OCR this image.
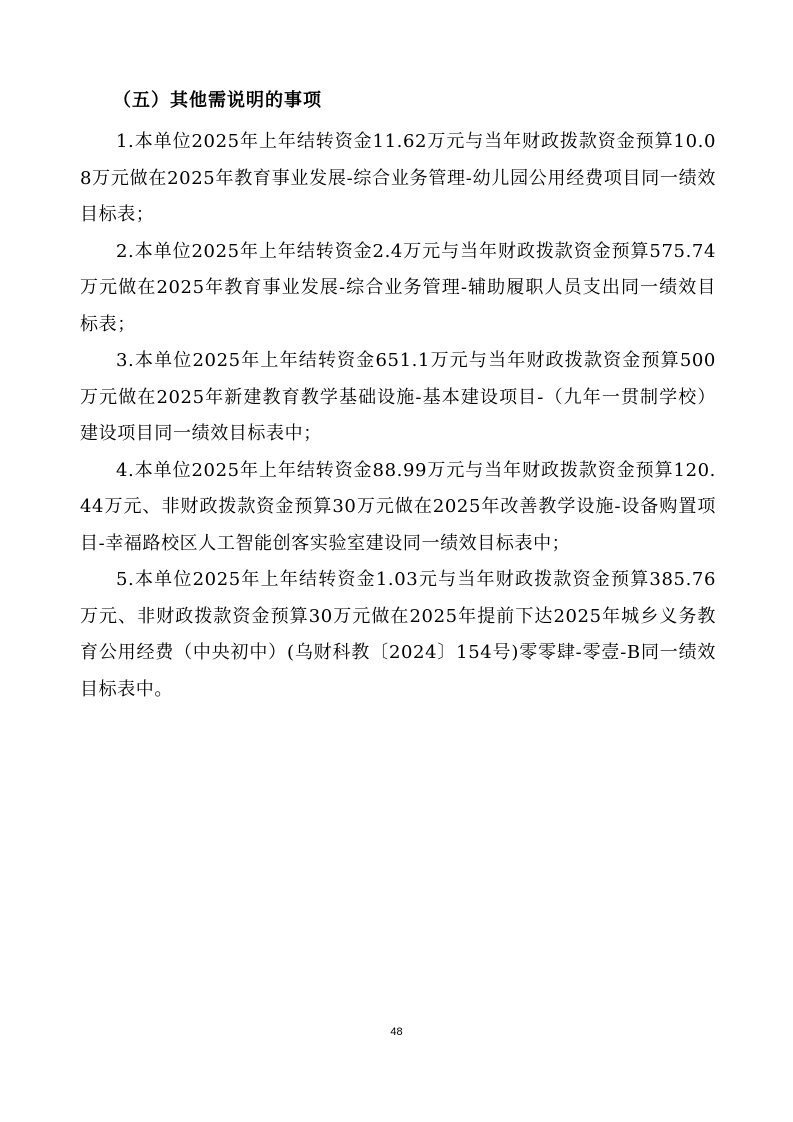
（五）其他需说明的事项

1.本单位2025年上年结转资金11.62万元与当年财政拨款资金预算10.08万元做在2025年教育事业发展-综合业务管理-幼儿园公用经费项目同一绩效目标表；

2.本单位2025年上年结转资金2.4万元与当年财政拨款资金预算575.74万元做在2025年教育事业发展-综合业务管理-辅助履职人员支出同一绩效目标表；

3.本单位2025年上年结转资金651.1万元与当年财政拨款资金预算500万元做在2025年新建教育教学基础设施-基本建设项目-（九年一贯制学校）建设项目同一绩效目标表中；

4.本单位2025年上年结转资金88.99万元与当年财政拨款资金预算120.44万元、非财政拨款资金预算30万元做在2025年改善教学设施-设备购置项目-幸福路校区人工智能创客实验室建设同一绩效目标表中；

5.本单位2025年上年结转资金1.03元与当年财政拨款资金预算385.76万元、非财政拨款资金预算30万元做在2025年提前下达2025年城乡义务教育公用经费（中央初中）(乌财科教〔2024〕154号)零零肆-零壹-B同一绩效目标表中。

48
